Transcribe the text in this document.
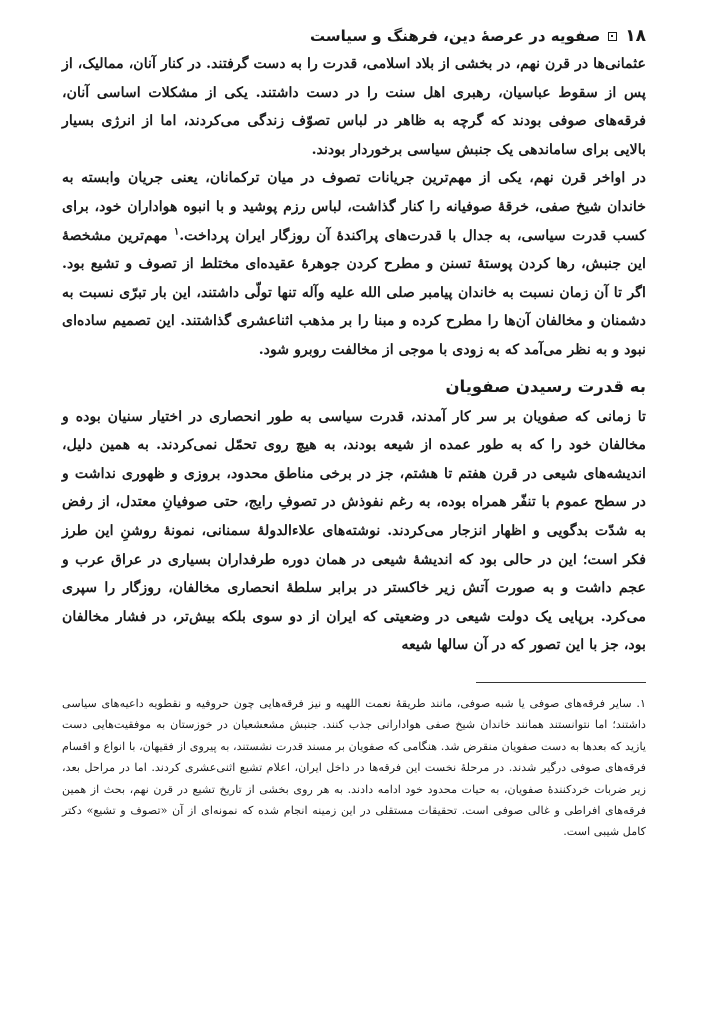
۱۸
صفویه در عرصهٔ دین، فرهنگ و سیاست

عثمانی‌ها در قرن نهم، در بخشی از بلاد اسلامی، قدرت را به دست گرفتند. در کنار آنان، ممالیک، از پس از سقوط عباسیان، رهبری اهل سنت را در دست داشتند. یکی از مشکلات اساسی آنان، فرقه‌های صوفی بودند که گرچه به ظاهر در لباس تصوّف زندگی می‌کردند، اما از انرژی بسیار بالایی برای ساماندهی یک جنبش سیاسی برخوردار بودند.

در اواخر قرن نهم، یکی از مهم‌ترین جریانات تصوف در میان ترکمانان، یعنی جریان وابسته به خاندان شیخ صفی، خرقهٔ صوفیانه را کنار گذاشت، لباس رزم پوشید و با انبوه هواداران خود، برای کسب قدرت سیاسی، به جدال با قدرت‌های پراکندهٔ آن روزگار ایران پرداخت.$^۱$ مهم‌ترین مشخصهٔ این جنبش، رها کردن پوستهٔ تسنن و مطرح کردن جوهرهٔ عقیده‌ای مختلط از تصوف و تشیع بود. اگر تا آن زمان نسبت به خاندان پیامبر صلی الله علیه وآله تنها تولّی داشتند، این بار تبرّی نسبت به دشمنان و مخالفان آن‌ها را مطرح کرده و مبنا را بر مذهب اثناعشری گذاشتند. این تصمیم ساده‌ای نبود و به نظر می‌آمد که به زودی با موجی از مخالفت روبرو شود.

به قدرت رسیدن صفویان

تا زمانی که صفویان بر سر کار آمدند، قدرت سیاسی به طور انحصاری در اختیار سنیان بوده و مخالفان خود را که به طور عمده از شیعه بودند، به هیچ روی تحمّل نمی‌کردند. به همین دلیل، اندیشه‌های شیعی در قرن هفتم تا هشتم، جز در برخی مناطق محدود، بروزی و ظهوری نداشت و در سطح عموم با تنفّر همراه بوده، به رغم نفوذش در تصوفِ رایج، حتی صوفیانِ معتدل، از رفض به شدّت بدگویی و اظهار انزجار می‌کردند. نوشته‌های علاءالدولهٔ سمنانی، نمونهٔ روشنِ این طرز فکر است؛ این در حالی بود که اندیشهٔ شیعی در همان دوره طرفداران بسیاری در عراق عرب و عجم داشت و به صورت آتش زیر خاکستر در برابر سلطهٔ انحصاری مخالفان، روزگار را سپری می‌کرد. برپایی یک دولت شیعی در وضعیتی که ایران از دو سوی بلکه بیش‌تر، در فشار مخالفان بود، جز با این تصور که در آن سالها شیعه

۱. سایر فرقه‌های صوفی یا شبه صوفی، مانند طریقهٔ نعمت اللهیه و نیز فرقه‌هایی چون حروفیه و نقطویه داعیه‌های سیاسی داشتند؛ اما نتوانستند همانند خاندان شیخ صفی هوادارانی جذب کنند. جنبش مشعشعیان در خوزستان به موفقیت‌هایی دست یازید که بعدها به دست صفویان منقرض شد. هنگامی که صفویان بر مسند قدرت نشستند، به پیروی از فقیهان، با انواع و اقسام فرقه‌های صوفی درگیر شدند. در مرحلهٔ نخست این فرقه‌ها در داخل ایران، اعلام تشیع اثنی‌عشری کردند. اما در مراحل بعد، زیر ضربات خردکنندهٔ صفویان، به حیات محدود خود ادامه دادند. به هر روی بخشی از تاریخ تشیع در قرن نهم، بحث از همین فرقه‌های افراطی و غالی صوفی است. تحقیقات مستقلی در این زمینه انجام شده که نمونه‌ای از آن «تصوف و تشیع» دکتر کامل شیبی است.
